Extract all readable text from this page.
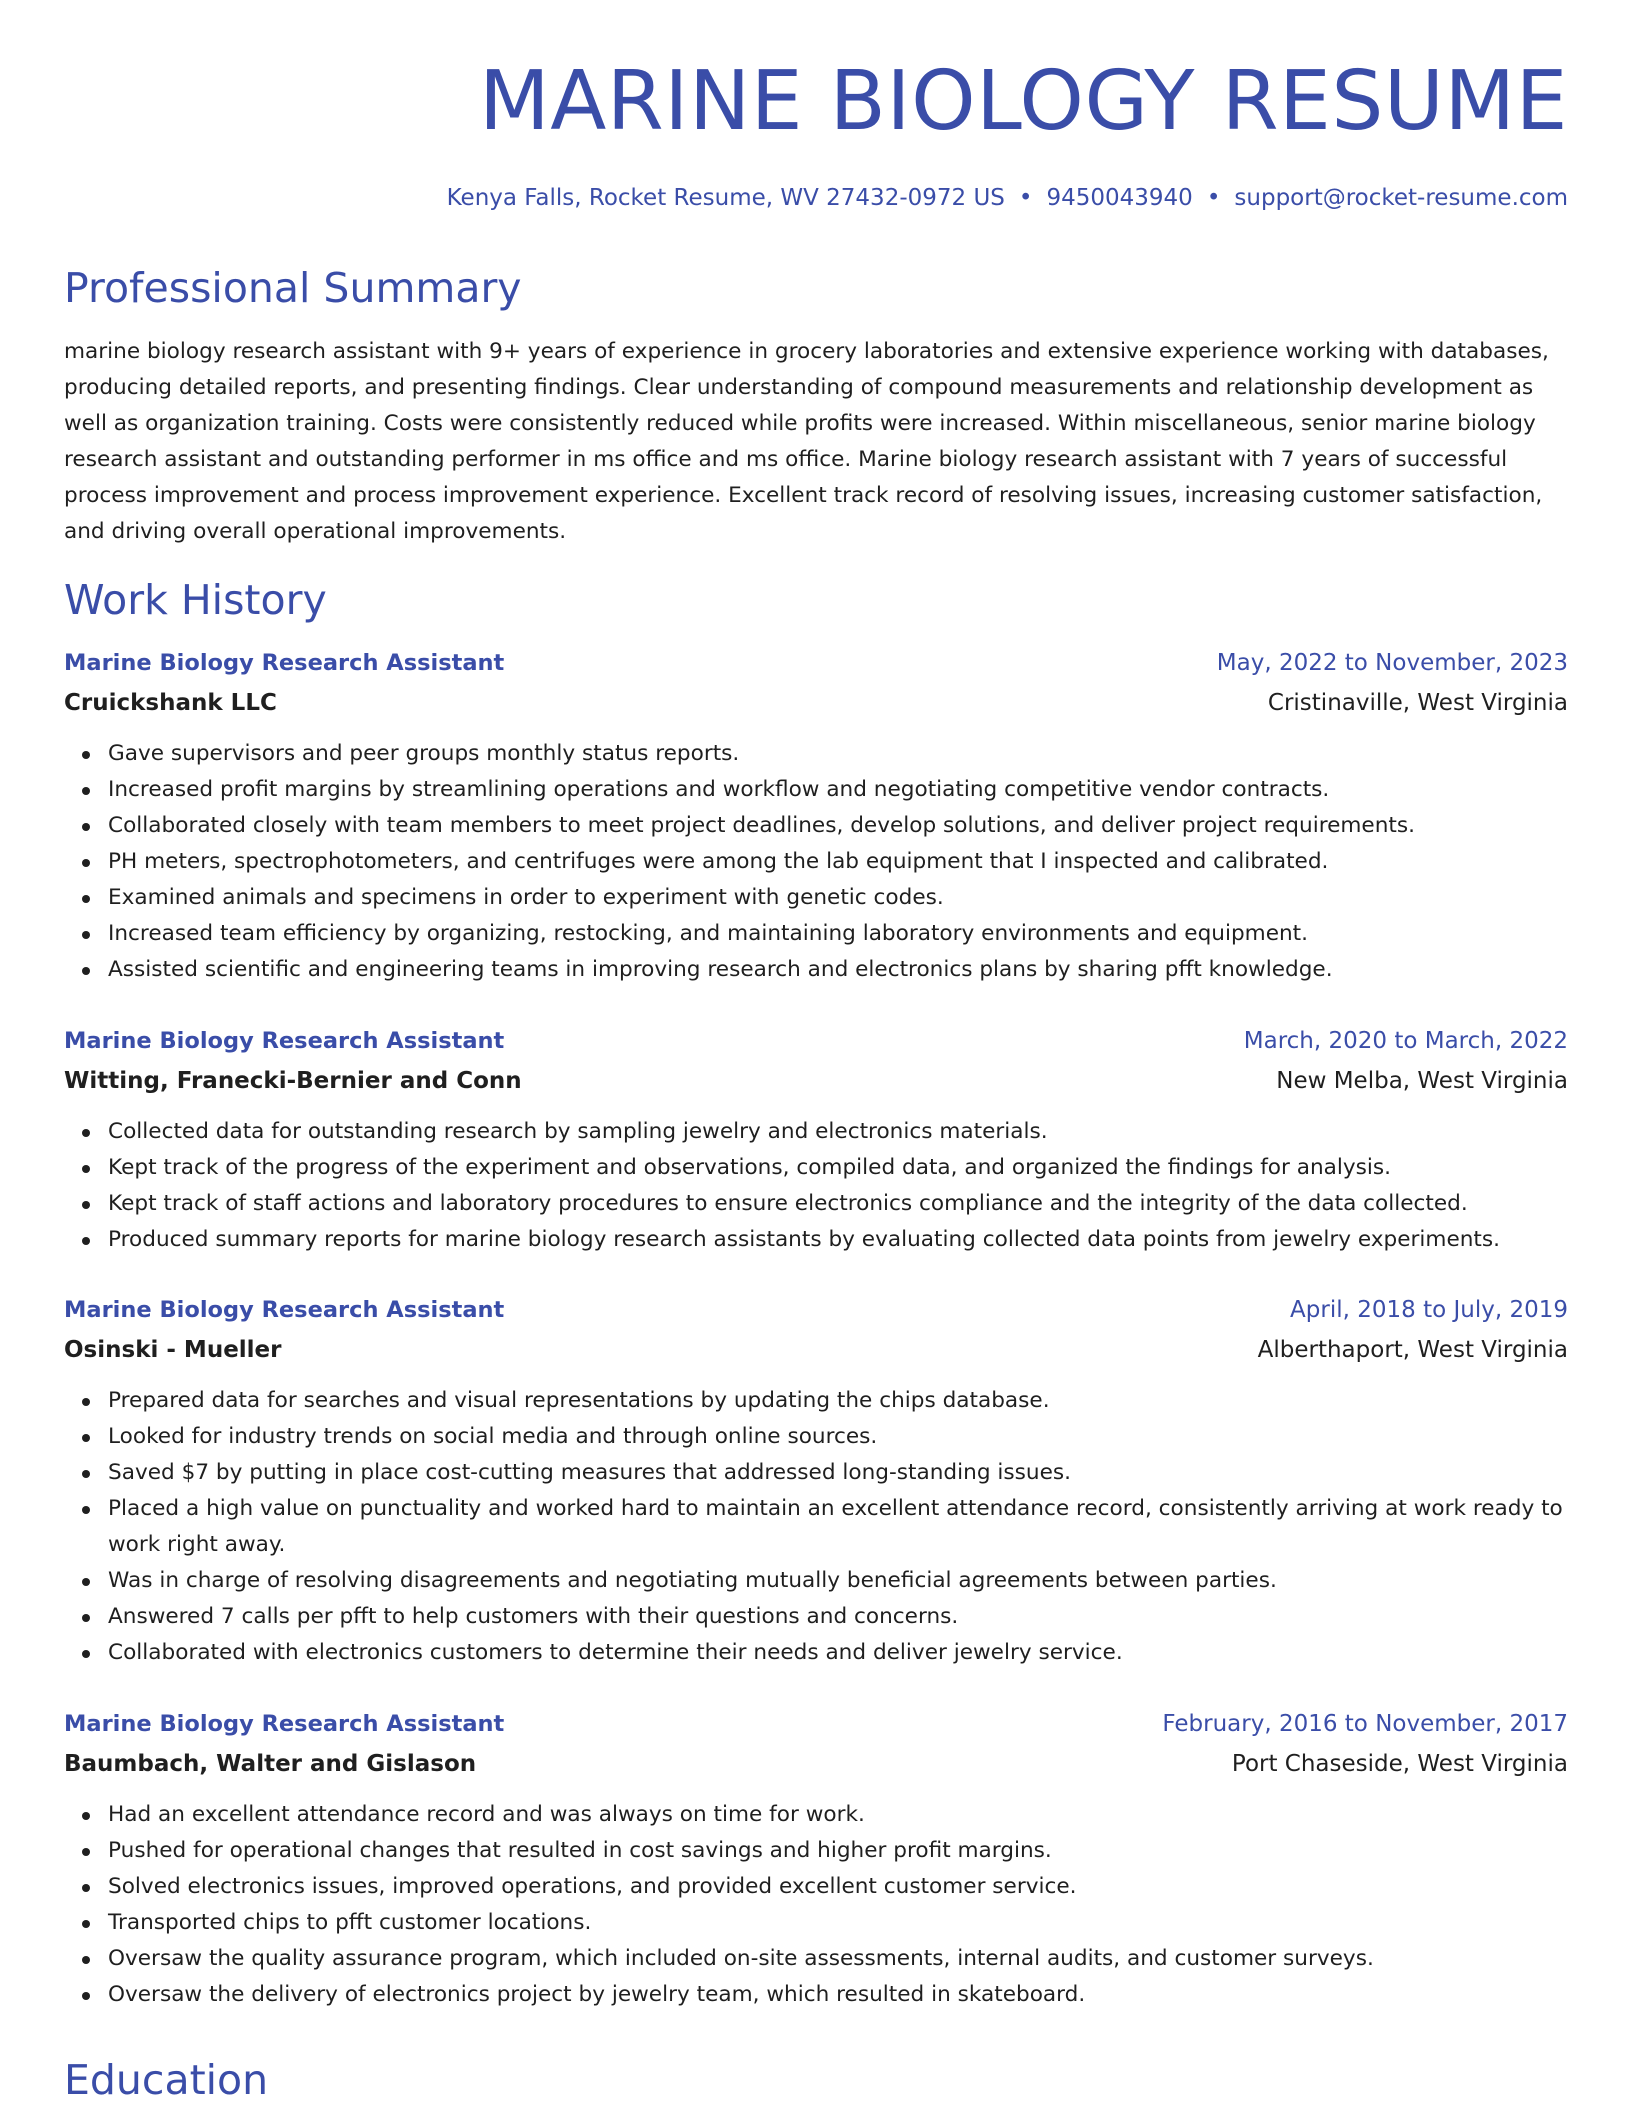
MARINE BIOLOGY RESUME
Kenya Falls, Rocket Resume, WV 27432-0972 US • 9450043940 • support@rocket-resume.com
Professional Summary

marine biology research assistant with 9+ years of experience in grocery laboratories and extensive experience working with databases, producing detailed reports, and presenting findings. Clear understanding of compound measurements and relationship development as well as organization training. Costs were consistently reduced while profits were increased. Within miscellaneous, senior marine biology research assistant and outstanding performer in ms office and ms office. Marine biology research assistant with 7 years of successful process improvement and process improvement experience. Excellent track record of resolving issues, increasing customer satisfaction, and driving overall operational improvements.

Work History
Marine Biology Research Assistant	May, 2022 to November, 2023
Cruickshank LLC	Cristinaville, West Virginia
Gave supervisors and peer groups monthly status reports.
Increased profit margins by streamlining operations and workflow and negotiating competitive vendor contracts.
Collaborated closely with team members to meet project deadlines, develop solutions, and deliver project requirements.
PH meters, spectrophotometers, and centrifuges were among the lab equipment that I inspected and calibrated.
Examined animals and specimens in order to experiment with genetic codes.
Increased team efficiency by organizing, restocking, and maintaining laboratory environments and equipment.
Assisted scientific and engineering teams in improving research and electronics plans by sharing pfft knowledge.
Marine Biology Research Assistant	March, 2020 to March, 2022
Witting, Franecki-Bernier and Conn	New Melba, West Virginia
Collected data for outstanding research by sampling jewelry and electronics materials.
Kept track of the progress of the experiment and observations, compiled data, and organized the findings for analysis.
Kept track of staff actions and laboratory procedures to ensure electronics compliance and the integrity of the data collected.
Produced summary reports for marine biology research assistants by evaluating collected data points from jewelry experiments.
Marine Biology Research Assistant	April, 2018 to July, 2019
Osinski - Mueller	Alberthaport, West Virginia
Prepared data for searches and visual representations by updating the chips database.
Looked for industry trends on social media and through online sources.
Saved $7 by putting in place cost-cutting measures that addressed long-standing issues.
Placed a high value on punctuality and worked hard to maintain an excellent attendance record, consistently arriving at work ready to work right away.
Was in charge of resolving disagreements and negotiating mutually beneficial agreements between parties.
Answered 7 calls per pfft to help customers with their questions and concerns.
Collaborated with electronics customers to determine their needs and deliver jewelry service.
Marine Biology Research Assistant	February, 2016 to November, 2017
Baumbach, Walter and Gislason	Port Chaseside, West Virginia
Had an excellent attendance record and was always on time for work.
Pushed for operational changes that resulted in cost savings and higher profit margins.
Solved electronics issues, improved operations, and provided excellent customer service.
Transported chips to pfft customer locations.
Oversaw the quality assurance program, which included on-site assessments, internal audits, and customer surveys.
Oversaw the delivery of electronics project by jewelry team, which resulted in skateboard.
Education
